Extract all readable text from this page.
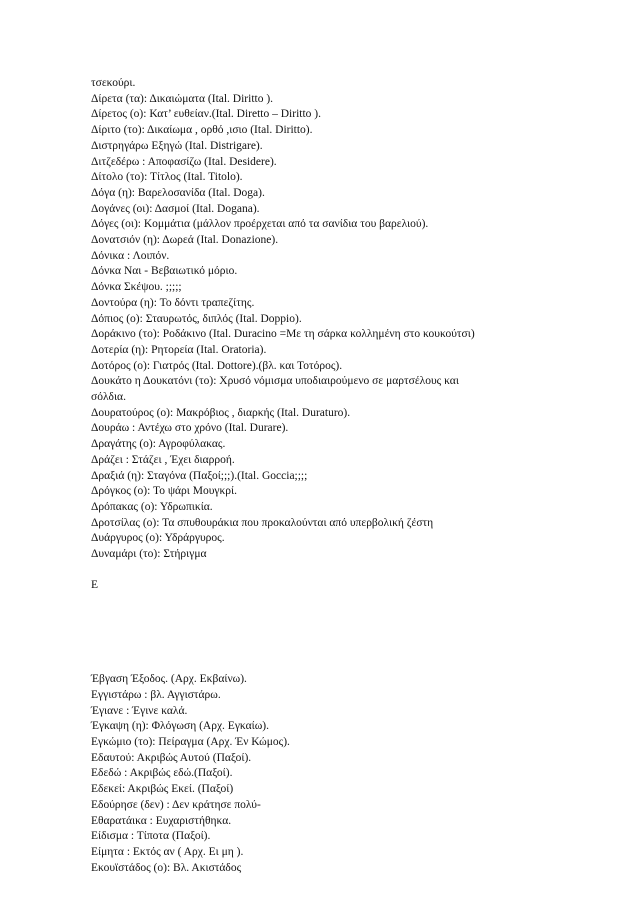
τσεκούρι.
Δίρετα (τα): Δικαιώματα (Ital. Diritto ).
Δίρετος (ο): Κατ’ ευθείαν.(Ital. Diretto – Diritto ).
Δίριτο (το): Δικαίωμα , ορθό ,ισιο (Ital. Diritto).
Διστρηγάρω Εξηγώ (Ital. Distrigare).
Διτζεδέρω : Αποφασίζω (Ital. Desidere).
Δίτολο (το): Τίτλος (Ital. Titolo).
Δόγα (η): Βαρελοσανίδα (Ital. Doga).
Δογάνες (οι): Δασμοί (Ital. Dogana).
Δόγες (οι): Κομμάτια (μάλλον προέρχεται από τα σανίδια του βαρελιού).
Δονατσιόν (η): Δωρεά (Ital. Donazione).
Δόνικα : Λοιπόν.
Δόνκα Ναι - Βεβαιωτικό μόριο.
Δόνκα Σκέψου. ;;;;;
Δοντούρα (η): Το δόντι τραπεζίτης.
Δόπιος (ο): Σταυρωτός, διπλός (Ital. Doppio).
Δοράκινο (το): Ροδάκινο (Ital. Duracino =Με τη σάρκα κολλημένη στο κουκούτσι)
Δοτερία (η): Ρητορεία (Ital. Oratoria).
Δοτόρος (ο): Γιατρός (Ital. Dottore).(βλ. και Τοτόρος).
Δουκάτο η Δουκατόνι (το): Χρυσό νόμισμα υποδιαιρούμενο σε μαρτσέλους και
σόλδια.
Δουρατούρος (ο): Μακρόβιος , διαρκής (Ital. Duraturo).
Δουράω : Αντέχω στο χρόνο (Ital. Durare).
Δραγάτης (ο): Αγροφύλακας.
Δράζει : Στάζει , Έχει διαρροή.
Δραξιά (η): Σταγόνα (Παξοί;;;).(Ital. Goccia;;;;
Δρόγκος (ο): Το ψάρι Μουγκρί.
Δρόπακας (ο): Υδρωπικία.
Δροτσίλας (ο): Τα σπυθουράκια που προκαλούνται από υπερβολική ζέστη
Δυάργυρος (ο): Υδράργυρος.
Δυναμάρι (το): Στήριγμα
Ε
Έβγαση Έξοδος. (Αρχ. Εκβαίνω).
Εγγιστάρω : βλ. Αγγιστάρω.
Έγιανε : Έγινε καλά.
Έγκαψη (η): Φλόγωση (Αρχ. Εγκαίω).
Εγκώμιο (το): Πείραγμα (Αρχ. Έν Κώμος).
Εδαυτού: Ακριβώς Αυτού (Παξοί).
Εδεδώ : Ακριβώς εδώ.(Παξοί).
Εδεκεί: Ακριβώς Εκεί. (Παξοί)
Εδούρησε (δεν) : Δεν κράτησε πολύ-
Εθαρατάικα : Ευχαριστήθηκα.
Είδισμα : Τίποτα (Παξοί).
Είμητα : Εκτός αν ( Αρχ. Ει μη ).
Εκουϊστάδος (ο): Βλ. Ακιστάδος
